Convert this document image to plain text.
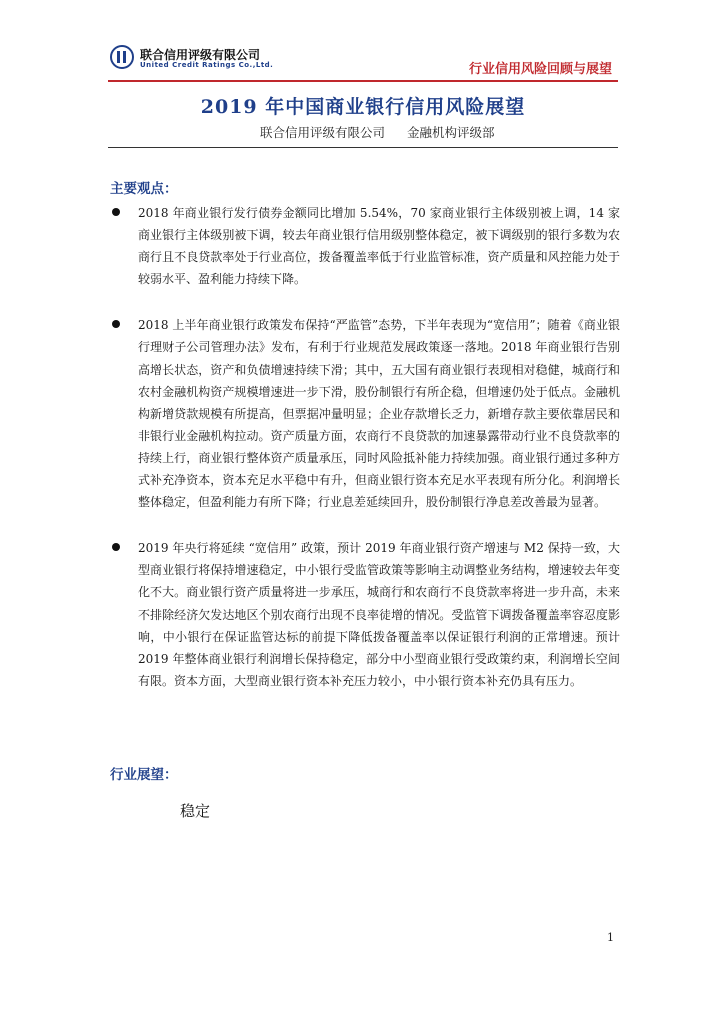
联合信用评级有限公司
United Credit Ratings Co.,Ltd.	行业信用风险回顾与展望
2019 年中国商业银行信用风险展望
联合信用评级有限公司 金融机构评级部
主要观点：
2018 年商业银行发行债券金额同比增加 5.54%，70 家商业银行主体级别被上调，14 家商业银行主体级别被下调，较去年商业银行信用级别整体稳定，被下调级别的银行多数为农商行且不良贷款率处于行业高位，拨备覆盖率低于行业监管标准，资产质量和风控能力处于较弱水平、盈利能力持续下降。
2018 上半年商业银行政策发布保持“严监管”态势，下半年表现为“宽信用”；随着《商业银行理财子公司管理办法》发布，有利于行业规范发展政策逐一落地。2018 年商业银行告别高增长状态，资产和负债增速持续下滑；其中，五大国有商业银行表现相对稳健，城商行和农村金融机构资产规模增速进一步下滑，股份制银行有所企稳，但增速仍处于低点。金融机构新增贷款规模有所提高，但票据冲量明显；企业存款增长乏力，新增存款主要依靠居民和非银行业金融机构拉动。资产质量方面，农商行不良贷款的加速暴露带动行业不良贷款率的持续上行，商业银行整体资产质量承压，同时风险抵补能力持续加强。商业银行通过多种方式补充净资本，资本充足水平稳中有升，但商业银行资本充足水平表现有所分化。利润增长整体稳定，但盈利能力有所下降；行业息差延续回升，股份制银行净息差改善最为显著。
2019 年央行将延续 “宽信用” 政策，预计 2019 年商业银行资产增速与 M2 保持一致，大型商业银行将保持增速稳定，中小银行受监管政策等影响主动调整业务结构，增速较去年变化不大。商业银行资产质量将进一步承压，城商行和农商行不良贷款率将进一步升高，未来不排除经济欠发达地区个别农商行出现不良率徒增的情况。受监管下调拨备覆盖率容忍度影响，中小银行在保证监管达标的前提下降低拨备覆盖率以保证银行利润的正常增速。预计 2019 年整体商业银行利润增长保持稳定，部分中小型商业银行受政策约束，利润增长空间有限。资本方面，大型商业银行资本补充压力较小，中小银行资本补充仍具有压力。
行业展望：
稳定
1
